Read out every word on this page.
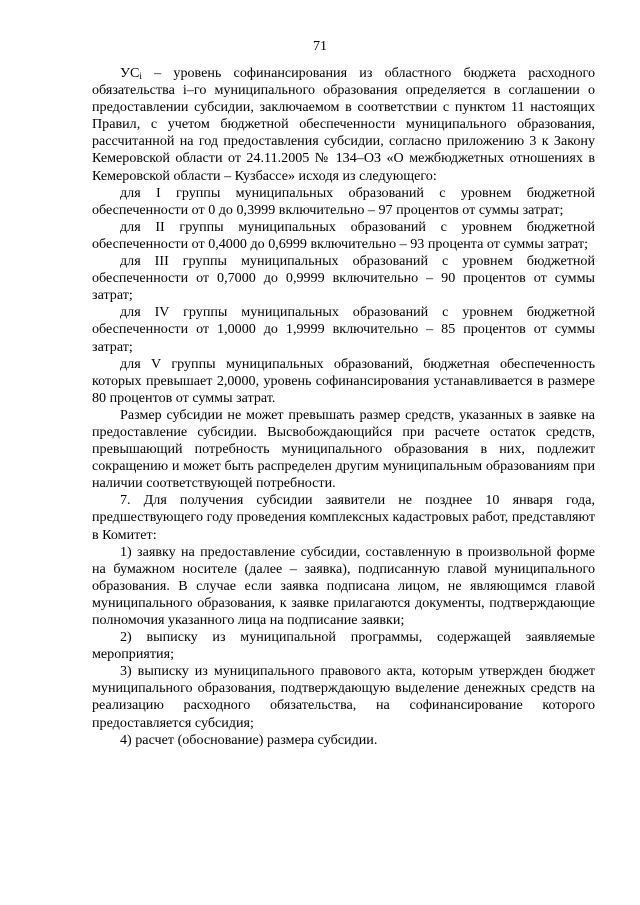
71

$УС_i$ – уровень софинансирования из областного бюджета расходного обязательства i–го муниципального образования определяется в соглашении о предоставлении субсидии, заключаемом в соответствии с пунктом 11 настоящих Правил, с учетом бюджетной обеспеченности муниципального образования, рассчитанной на год предоставления субсидии, согласно приложению 3 к Закону Кемеровской области от 24.11.2005 № 134–ОЗ «О межбюджетных отношениях в Кемеровской области – Кузбассе» исходя из следующего:

для I группы муниципальных образований с уровнем бюджетной обеспеченности от 0 до 0,3999 включительно – 97 процентов от суммы затрат;

для II группы муниципальных образований с уровнем бюджетной обеспеченности от 0,4000 до 0,6999 включительно – 93 процента от суммы затрат;

для III группы муниципальных образований с уровнем бюджетной обеспеченности от 0,7000 до 0,9999 включительно – 90 процентов от суммы затрат;

для IV группы муниципальных образований с уровнем бюджетной обеспеченности от 1,0000 до 1,9999 включительно – 85 процентов от суммы затрат;

для V группы муниципальных образований, бюджетная обеспеченность которых превышает 2,0000, уровень софинансирования устанавливается в размере 80 процентов от суммы затрат.

Размер субсидии не может превышать размер средств, указанных в заявке на предоставление субсидии. Высвобождающийся при расчете остаток средств, превышающий потребность муниципального образования в них, подлежит сокращению и может быть распределен другим муниципальным образованиям при наличии соответствующей потребности.

7. Для получения субсидии заявители не позднее 10 января года, предшествующего году проведения комплексных кадастровых работ, представляют в Комитет:

1) заявку на предоставление субсидии, составленную в произвольной форме на бумажном носителе (далее – заявка), подписанную главой муниципального образования. В случае если заявка подписана лицом, не являющимся главой муниципального образования, к заявке прилагаются документы, подтверждающие полномочия указанного лица на подписание заявки;

2) выписку из муниципальной программы, содержащей заявляемые мероприятия;

3) выписку из муниципального правового акта, которым утвержден бюджет муниципального образования, подтверждающую выделение денежных средств на реализацию расходного обязательства, на софинансирование которого предоставляется субсидия;

4) расчет (обоснование) размера субсидии.
